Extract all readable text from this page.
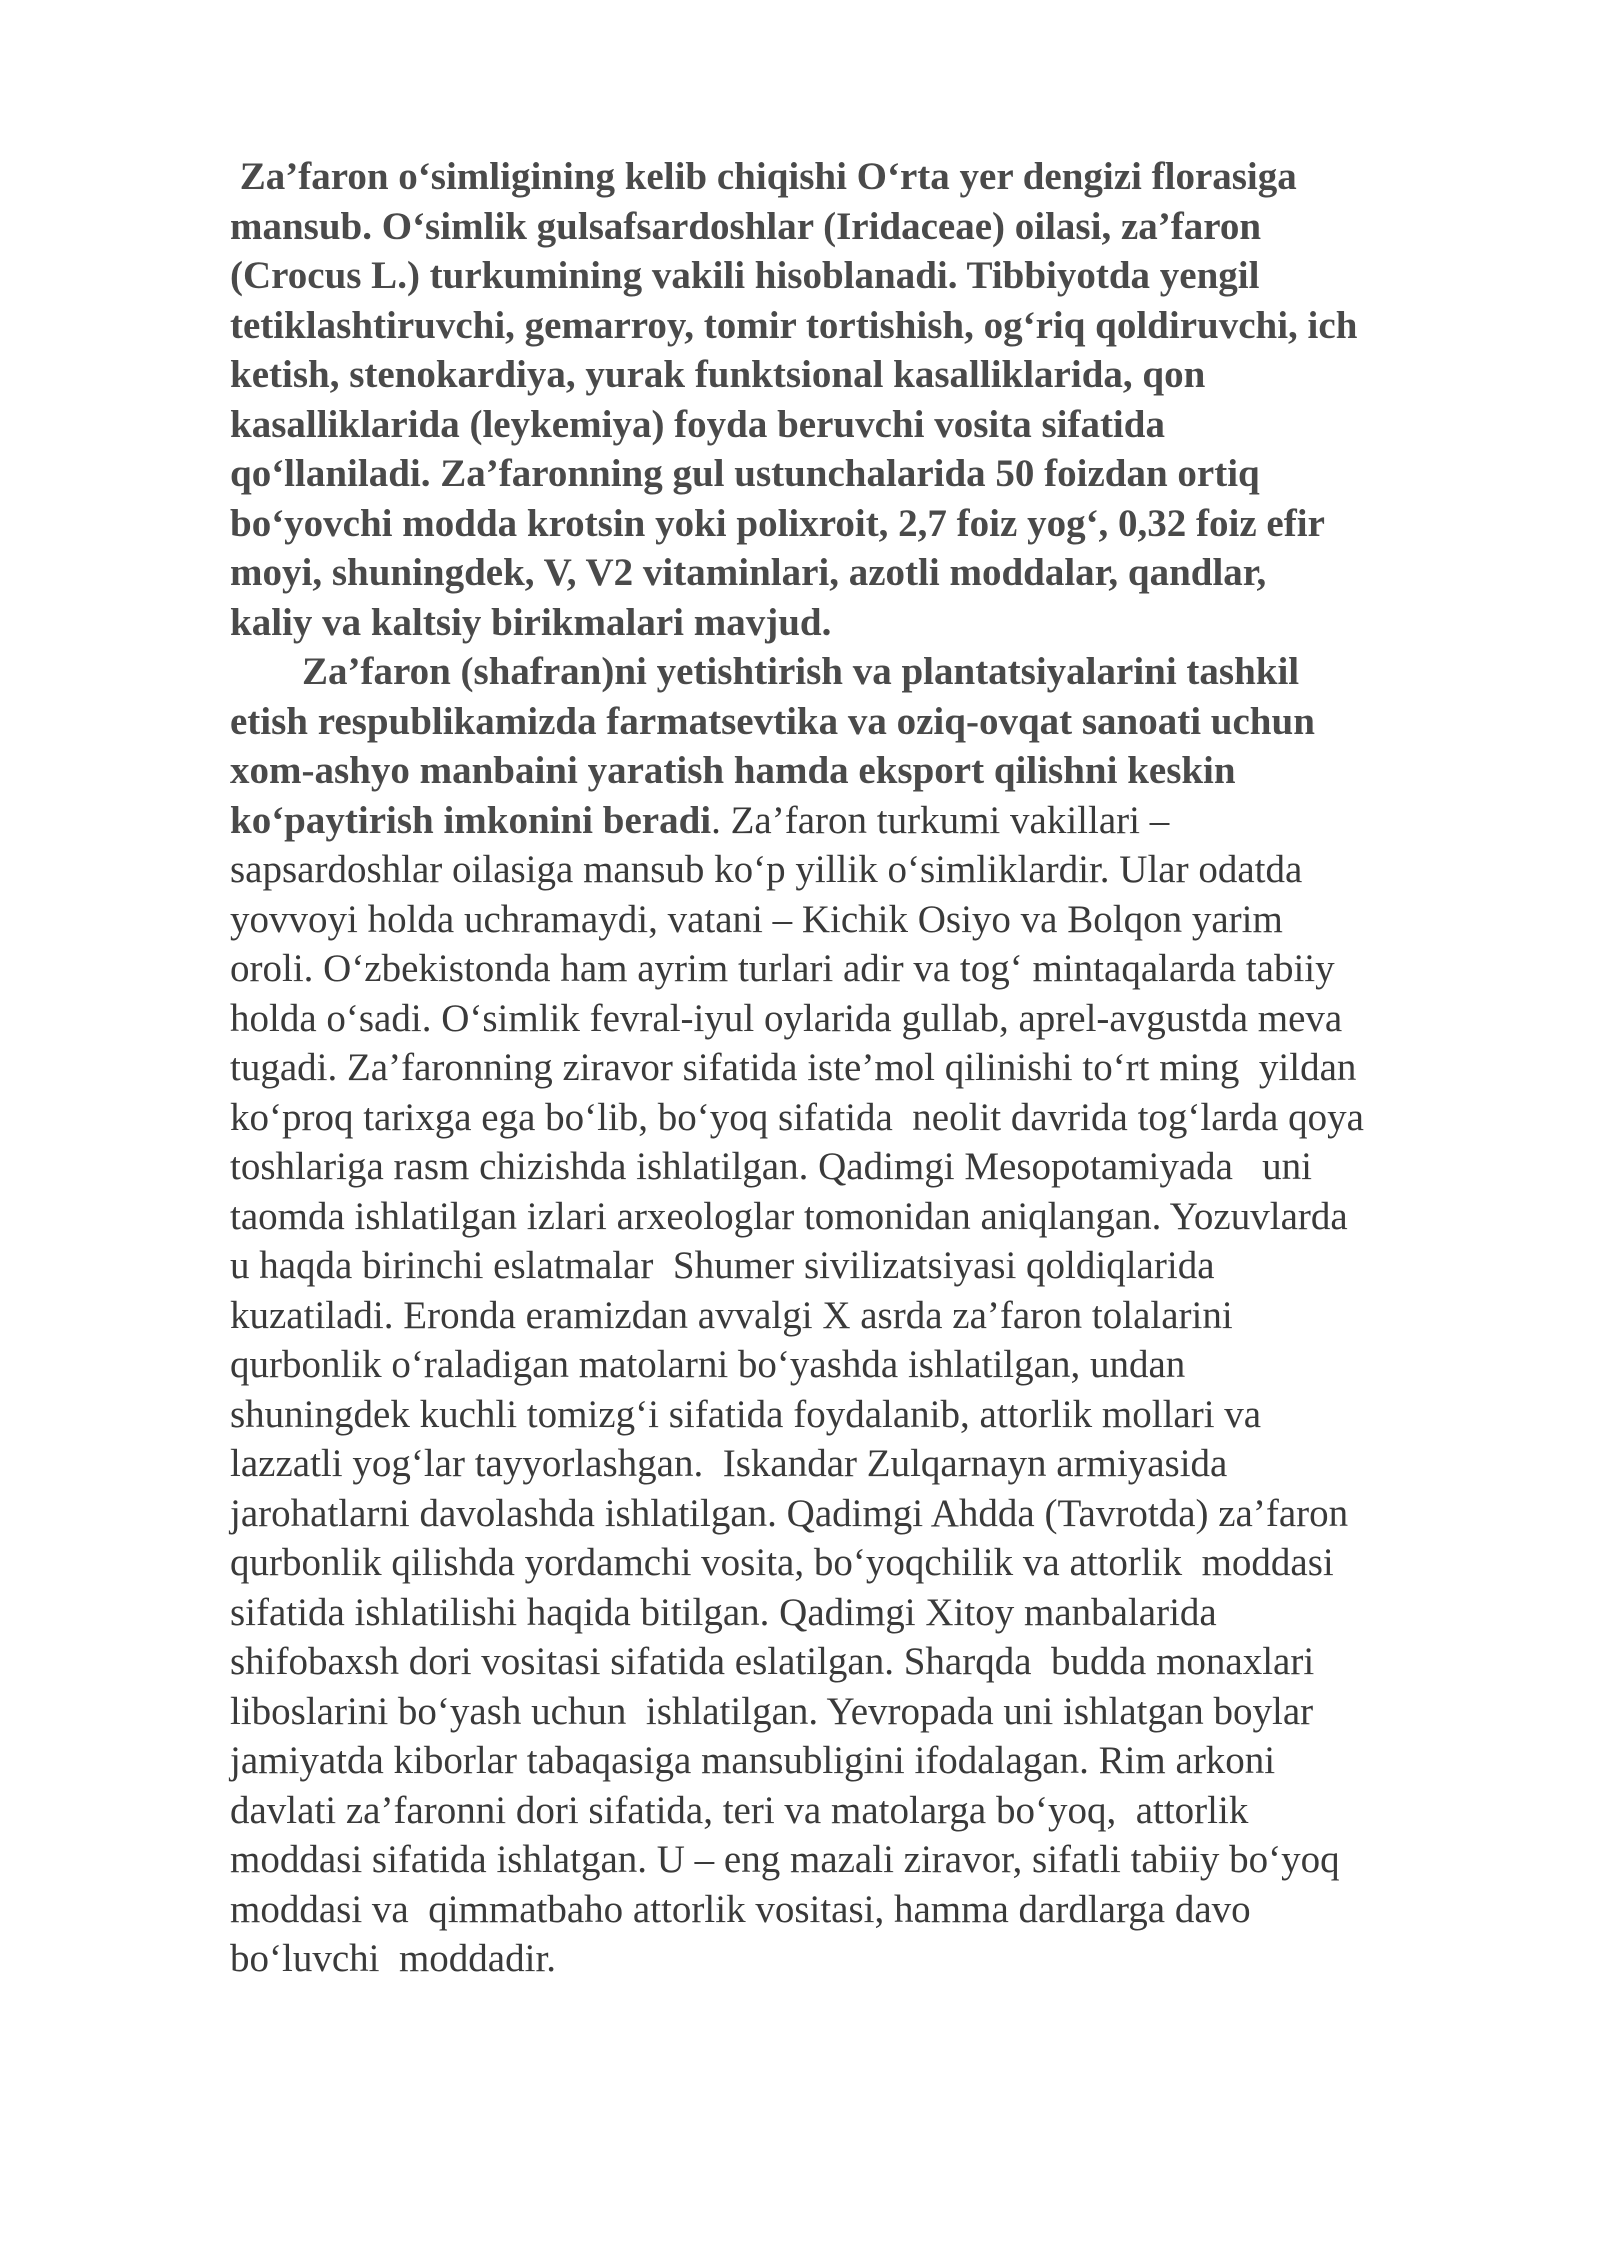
Za’faron o‘simligining kelib chiqishi O‘rta yer dengizi florasiga
mansub. O‘simlik gulsafsardoshlar (Iridaceae) oilasi, za’faron
(Crocus L.) turkumining vakili hisoblanadi. Tibbiyotda yengil
tetiklashtiruvchi, gemarroy, tomir tortishish, og‘riq qoldiruvchi, ich
ketish, stenokardiya, yurak funktsional kasalliklarida, qon
kasalliklarida (leykemiya) foyda beruvchi vosita sifatida
qo‘llaniladi. Za’faronning gul ustunchalarida 50 foizdan ortiq
bo‘yovchi modda krotsin yoki polixroit, 2,7 foiz yog‘, 0,32 foiz efir
moyi, shuningdek, V, V2 vitaminlari, azotli moddalar, qandlar,
kaliy va kaltsiy birikmalari mavjud.
Za’faron (shafran)ni yetishtirish va plantatsiyalarini tashkil
etish respublikamizda farmatsevtika va oziq-ovqat sanoati uchun
xom-ashyo manbaini yaratish hamda eksport qilishni keskin
ko‘paytirish imkonini beradi. Za’faron turkumi vakillari –
sapsardoshlar oilasiga mansub ko‘p yillik o‘simliklardir. Ular odatda
yovvoyi holda uchramaydi, vatani – Kichik Osiyo va Bolqon yarim
oroli. O‘zbekistonda ham ayrim turlari adir va tog‘ mintaqalarda tabiiy
holda o‘sadi. O‘simlik fevral-iyul oylarida gullab, aprel-avgustda meva
tugadi. Za’faronning ziravor sifatida iste’mol qilinishi to‘rt ming  yildan
ko‘proq tarixga ega bo‘lib, bo‘yoq sifatida  neolit davrida tog‘larda qoya
toshlariga rasm chizishda ishlatilgan. Qadimgi Mesopotamiyada   uni
taomda ishlatilgan izlari arxeologlar tomonidan aniqlangan. Yozuvlarda
u haqda birinchi eslatmalar  Shumer sivilizatsiyasi qoldiqlarida
kuzatiladi. Eronda eramizdan avvalgi X asrda za’faron tolalarini
qurbonlik o‘raladigan matolarni bo‘yashda ishlatilgan, undan
shuningdek kuchli tomizg‘i sifatida foydalanib, attorlik mollari va
lazzatli yog‘lar tayyorlashgan.  Iskandar Zulqarnayn armiyasida
jarohatlarni davolashda ishlatilgan. Qadimgi Ahdda (Tavrotda) za’faron
qurbonlik qilishda yordamchi vosita, bo‘yoqchilik va attorlik  moddasi
sifatida ishlatilishi haqida bitilgan. Qadimgi Xitoy manbalarida
shifobaxsh dori vositasi sifatida eslatilgan. Sharqda  budda monaxlari
liboslarini bo‘yash uchun  ishlatilgan. Yevropada uni ishlatgan boylar
jamiyatda kiborlar tabaqasiga mansubligini ifodalagan. Rim arkoni
davlati za’faronni dori sifatida, teri va matolarga bo‘yoq,  attorlik
moddasi sifatida ishlatgan. U – eng mazali ziravor, sifatli tabiiy bo‘yoq
moddasi va  qimmatbaho attorlik vositasi, hamma dardlarga davo
bo‘luvchi  moddadir.
